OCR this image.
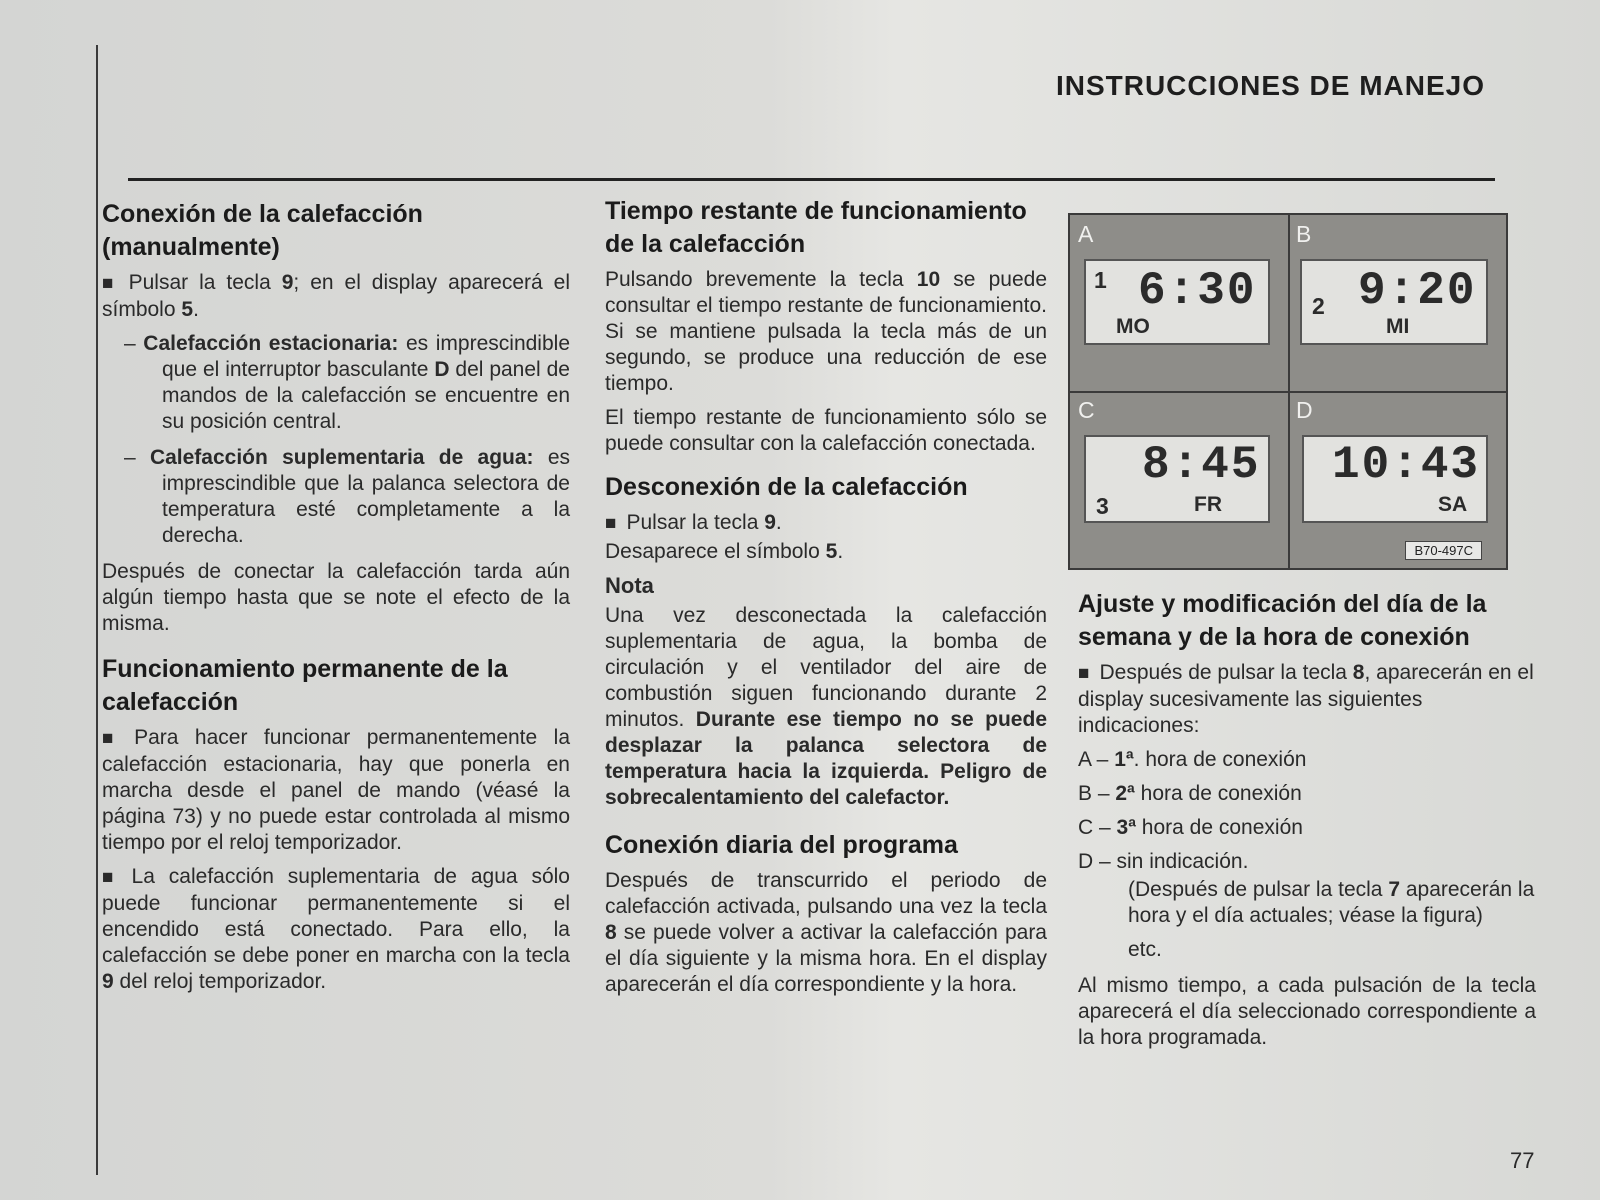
INSTRUCCIONES DE MANEJO
Conexión de la calefacción (manualmente)

■ Pulsar la tecla 9; en el display aparecerá el símbolo 5.

– Calefacción estacionaria: es imprescindible que el interruptor basculante D del panel de mandos de la calefacción se encuentre en su posición central.

– Calefacción suplementaria de agua: es imprescindible que la palanca selectora de temperatura esté completamente a la derecha.

Después de conectar la calefacción tarda aún algún tiempo hasta que se note el efecto de la misma.

Funcionamiento permanente de la calefacción

■ Para hacer funcionar permanentemente la calefacción estacionaria, hay que ponerla en marcha desde el panel de mando (véasé la página 73) y no puede estar controlada al mismo tiempo por el reloj temporizador.

■ La calefacción suplementaria de agua sólo puede funcionar permanentemente si el encendido está conectado. Para ello, la calefacción se debe poner en marcha con la tecla 9 del reloj temporizador.

Tiempo restante de funcionamiento de la calefacción

Pulsando brevemente la tecla 10 se puede consultar el tiempo restante de funcionamiento. Si se mantiene pulsada la tecla más de un segundo, se produce una reducción de ese tiempo.

El tiempo restante de funcionamiento sólo se puede consultar con la calefacción conectada.

Desconexión de la calefacción

■ Pulsar la tecla 9.

Desaparece el símbolo 5.

Nota

Una vez desconectada la calefacción suplementaria de agua, la bomba de circulación y el ventilador del aire de combustión siguen funcionando durante 2 minutos. Durante ese tiempo no se puede desplazar la palanca selectora de temperatura hacia la izquierda. Peligro de sobrecalentamiento del calefactor.

Conexión diaria del programa

Después de transcurrido el periodo de calefacción activada, pulsando una vez la tecla 8 se puede volver a activar la calefacción para el día siguiente y la misma hora. En el display aparecerán el día correspondiente y la hora.

A
1 6:30
MO
B
2 9:20
MI
C
3
8:45
FR
D
10:43
SA
B70-497C
Ajuste y modificación del día de la semana y de la hora de conexión

■ Después de pulsar la tecla 8, aparecerán en el display sucesivamente las siguientes indicaciones:

A – 1ª. hora de conexión
B – 2ª hora de conexión
C – 3ª hora de conexión
D – sin indicación.
(Después de pulsar la tecla 7 aparecerán la hora y el día actuales; véase la figura)
etc.

Al mismo tiempo, a cada pulsación de la tecla aparecerá el día seleccionado correspondiente a la hora programada.

77
